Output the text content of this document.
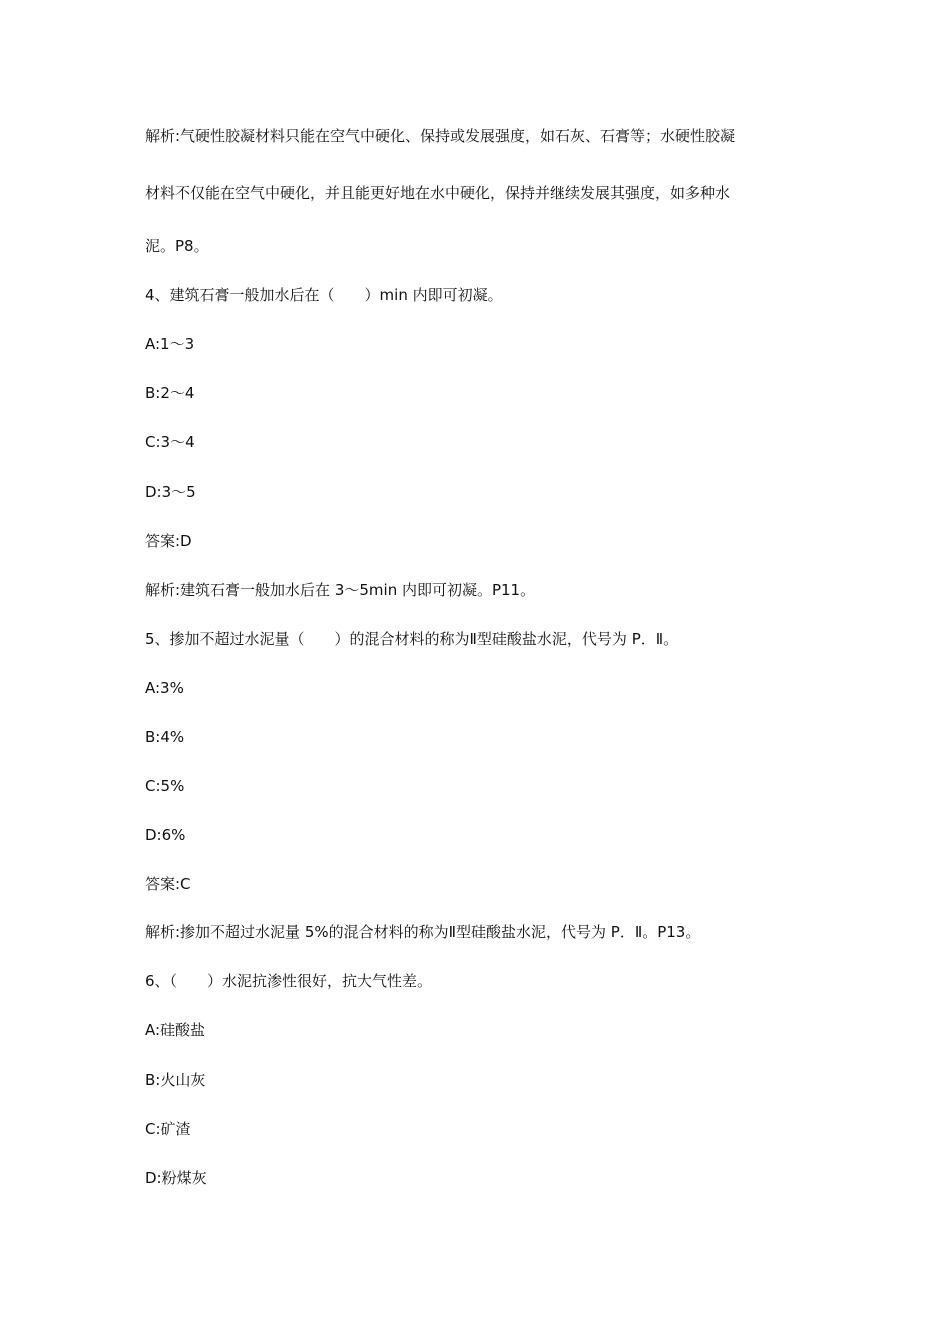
解析:气硬性胶凝材料只能在空气中硬化、保持或发展强度，如石灰、石膏等；水硬性胶凝
材料不仅能在空气中硬化，并且能更好地在水中硬化，保持并继续发展其强度，如多种水
泥。P8。
4、建筑石膏一般加水后在（　　）min 内即可初凝。
A:1～3
B:2～4
C:3～4
D:3～5
答案:D
解析:建筑石膏一般加水后在 3～5min 内即可初凝。P11。
5、掺加不超过水泥量（　　）的混合材料的称为Ⅱ型硅酸盐水泥，代号为 P．Ⅱ。
A:3%
B:4%
C:5%
D:6%
答案:C
解析:掺加不超过水泥量 5%的混合材料的称为Ⅱ型硅酸盐水泥，代号为 P．Ⅱ。P13。
6、（　　）水泥抗渗性很好，抗大气性差。
A:硅酸盐
B:火山灰
C:矿渣
D:粉煤灰
